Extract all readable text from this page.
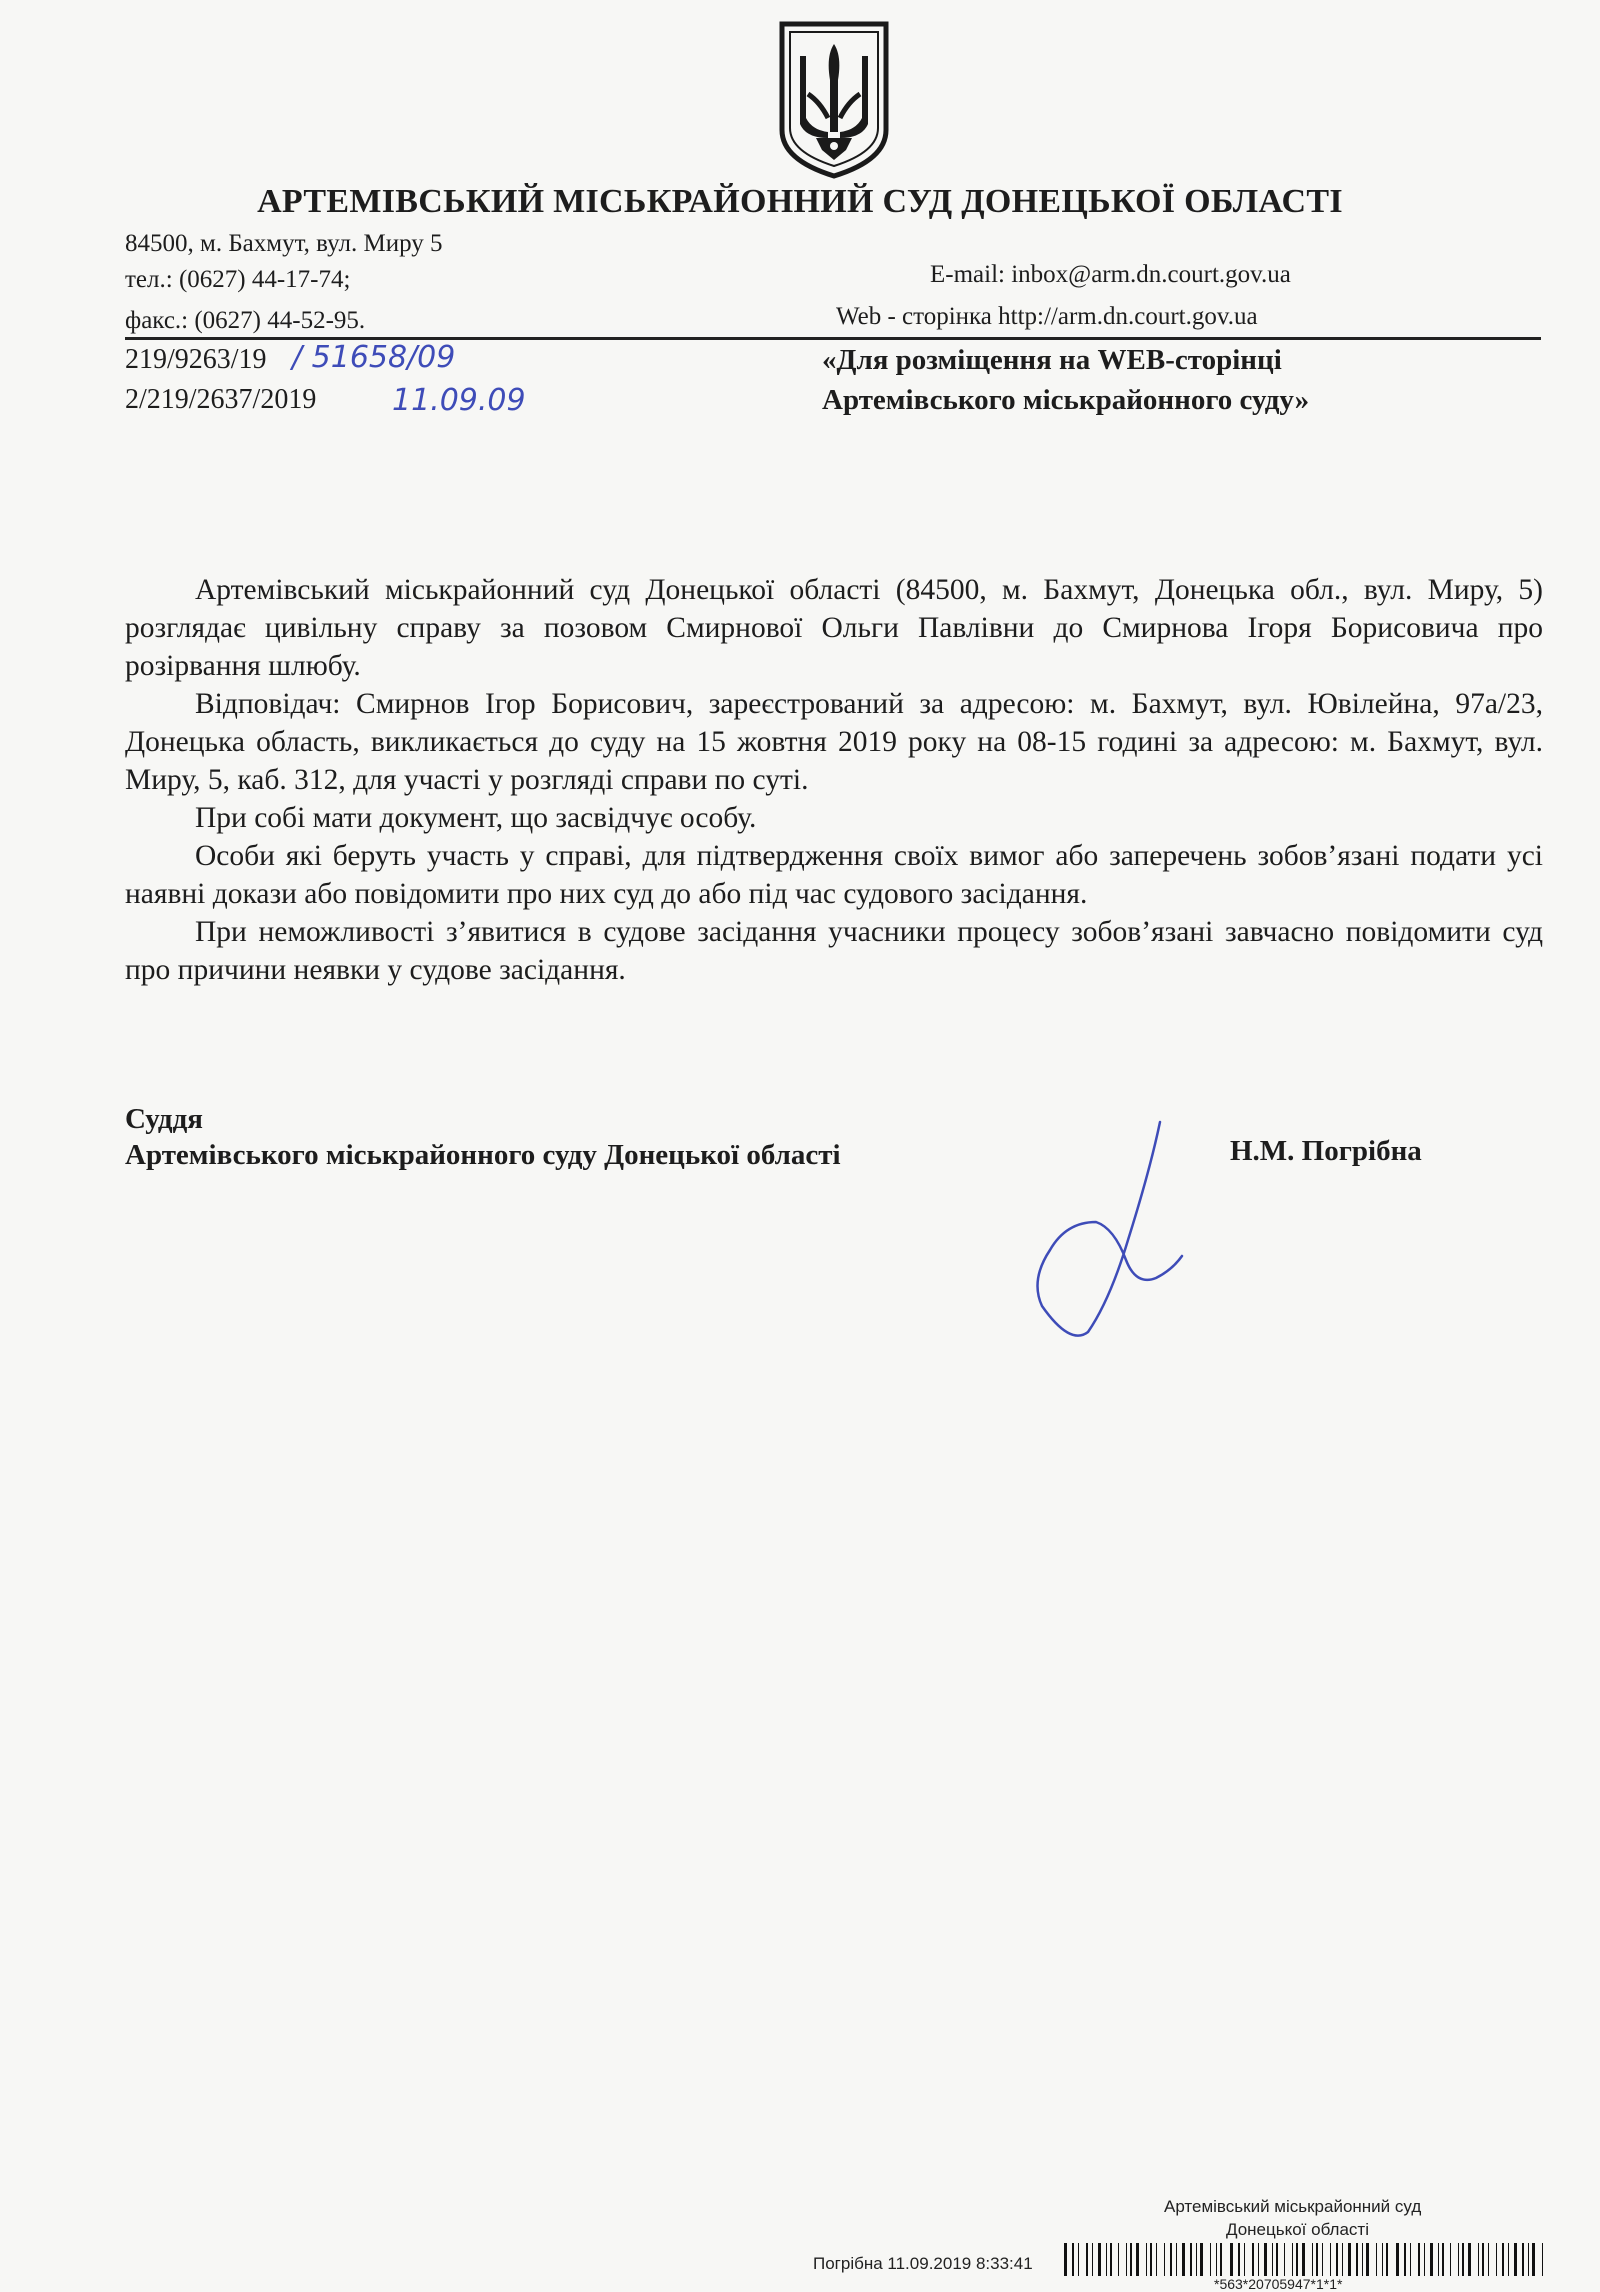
АРТЕМІВСЬКИЙ МІСЬКРАЙОННИЙ СУД ДОНЕЦЬКОЇ ОБЛАСТІ
84500, м. Бахмут, вул. Миру 5
тел.: (0627) 44-17-74;
факс.: (0627) 44-52-95.
E-mail: inbox@arm.dn.court.gov.ua
Web - сторінка http://arm.dn.court.gov.ua
219/9263/19
2/219/2637/2019
/ 51658/09
11.09.09
«Для розміщення на WEB-сторінці
Артемівського міськрайонного суду»

Артемівський міськрайонний суд Донецької області (84500, м. Бахмут, Донецька обл., вул. Миру, 5) розглядає цивільну справу за позовом Смирнової Ольги Павлівни до Смирнова Ігоря Борисовича про розірвання шлюбу.

Відповідач: Смирнов Ігор Борисович, зареєстрований за адресою: м. Бахмут, вул. Ювілейна, 97а/23, Донецька область, викликається до суду на 15 жовтня 2019 року на 08-15 годині за адресою: м. Бахмут, вул. Миру, 5, каб. 312, для участі у розгляді справи по суті.

При собі мати документ, що засвідчує особу.

Особи які беруть участь у справі, для підтвердження своїх вимог або заперечень зобов’язані подати усі наявні докази або повідомити про них суд до або під час судового засідання.

При неможливості з’явитися в судове засідання учасники процесу зобов’язані завчасно повідомити суд про причини неявки у судове засідання.

Суддя
Артемівського міськрайонного суду Донецької області	Н.М. Погрібна
Артемівський міськрайонний суд
Донецької області
Погрібна 11.09.2019 8:33:41
*563*20705947*1*1*
